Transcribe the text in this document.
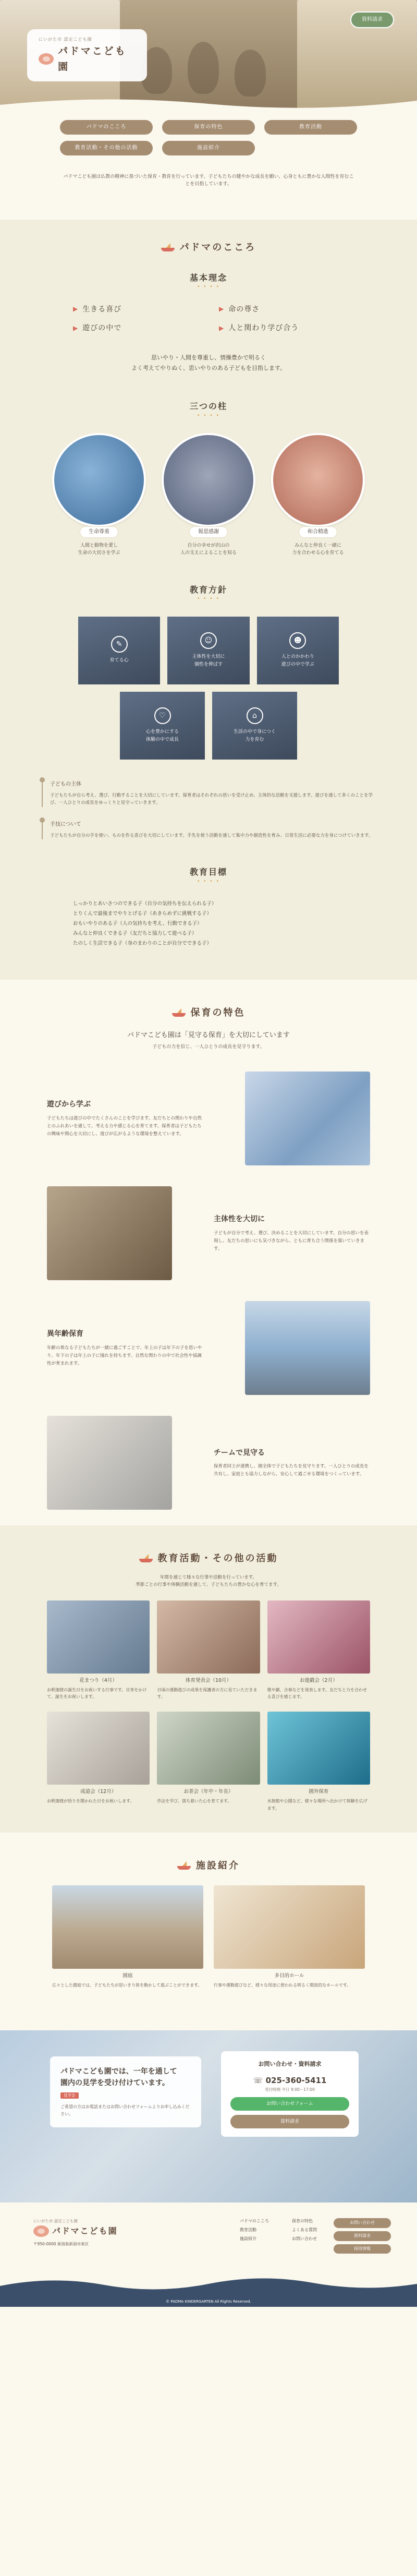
にいがた市 認定こども園
パドマこども園
資料請求
パドマのこころ	保育の特色	教育活動
教育活動・その他の活動	施設紹介

パドマこども園は仏教の精神に基づいた保育・教育を行っています。子どもたちの健やかな成長を願い、心身ともに豊かな人間性を育むことを目指しています。

パドマのこころ
基本理念
• • • •
▶ 生きる喜び	▶ 命の尊さ
▶ 遊びの中で	▶ 人と関わり学び合う

思いやり・人間を尊重し、情操豊かで明るく
よく考えてやりぬく、思いやりのある子どもを目指します。

三つの柱
• • • •
生命尊重

人間と動物を愛し
生命の大切さを学ぶ

報恩感謝

自分の幸せが沢山の
人の支えによることを知る

和合精進

みんなと仲良く一緒に
力を合わせる心を育てる

教育方針
• • • •
✎
育てる心
☺
主体性を大切に
個性を伸ばす
☻
人とのかかわり
遊びの中で学ぶ
♡
心を豊かにする
体験の中で成長
⌂
生活の中で身につく
力を育む
子どもの主体

子どもたちが自ら考え、選び、行動することを大切にしています。保育者はそれぞれの思いを受け止め、主体的な活動を支援します。遊びを通して多くのことを学び、一人ひとりの成長をゆっくりと見守っていきます。

手技について

子どもたちが自分の手を使い、ものを作る喜びを大切にしています。手先を使う活動を通して集中力や創造性を育み、日常生活に必要な力を身につけていきます。

教育目標
• • • •
しっかりとあいさつのできる子（自分の気持ちを伝えられる子）
とりくんで最後までやりとげる子（あきらめずに挑戦する子）
おもいやりのある子（人の気持ちを考え、行動できる子）
みんなと仲良くできる子（友だちと協力して遊べる子）
たのしく生活できる子（身のまわりのことが自分でできる子）
保育の特色

パドマこども園は「見守る保育」を大切にしています

子どもの力を信じ、一人ひとりの成長を見守ります。

遊びから学ぶ

子どもたちは遊びの中でたくさんのことを学びます。友だちとの関わりや自然とのふれあいを通して、考える力や感じる心を育てます。保育者は子どもたちの興味や関心を大切にし、遊びが広がるような環境を整えています。

主体性を大切に

子どもが自分で考え、選び、決めることを大切にしています。自分の思いを表現し、友だちの思いにも気づきながら、ともに育ち合う関係を築いていきます。

異年齢保育

年齢の異なる子どもたちが一緒に過ごすことで、年上の子は年下の子を思いやり、年下の子は年上の子に憧れを持ちます。自然な関わりの中で社会性や協調性が育まれます。

チームで見守る

保育者同士が連携し、園全体で子どもたちを見守ります。一人ひとりの成長を共有し、家庭とも協力しながら、安心して過ごせる環境をつくっています。

教育活動・その他の活動

年間を通じて様々な行事や活動を行っています。
季節ごとの行事や体験活動を通して、子どもたちの豊かな心を育てます。

花まつり（4月）

お釈迦様の誕生日をお祝いする行事です。甘茶をかけて、誕生をお祝いします。

体育発表会（10月）

日頃の運動遊びの成果を保護者の方に見ていただきます。

お遊戯会（2月）

歌や劇、合奏などを発表します。友だちと力を合わせる喜びを感じます。

成道会（12月）

お釈迦様が悟りを開かれた日をお祝いします。

お茶会（年中・年長）

作法を学び、落ち着いた心を育てます。

園外保育

水族館や公園など、様々な場所へ出かけて体験を広げます。

施設紹介
園庭

広々とした園庭では、子どもたちが思いきり体を動かして遊ぶことができます。

多目的ホール

行事や運動遊びなど、様々な用途に使われる明るく開放的なホールです。

パドマこども園では、一年を通して
園内の見学を受け付けています。
見学会

ご希望の方はお電話またはお問い合わせフォームよりお申し込みください。

お問い合わせ・資料請求
☏ 025-360-5411
受付時間 平日 9:00〜17:00
お問い合わせフォーム
資料請求
にいがた市 認定こども園
パドマこども園

〒950-0000 新潟県新潟市東区

パドマのこころ	保育の特色
教育活動	よくある質問
施設紹介	お問い合わせ
お問い合わせ
資料請求
採用情報
© PADMA KINDERGARTEN All Rights Reserved.
